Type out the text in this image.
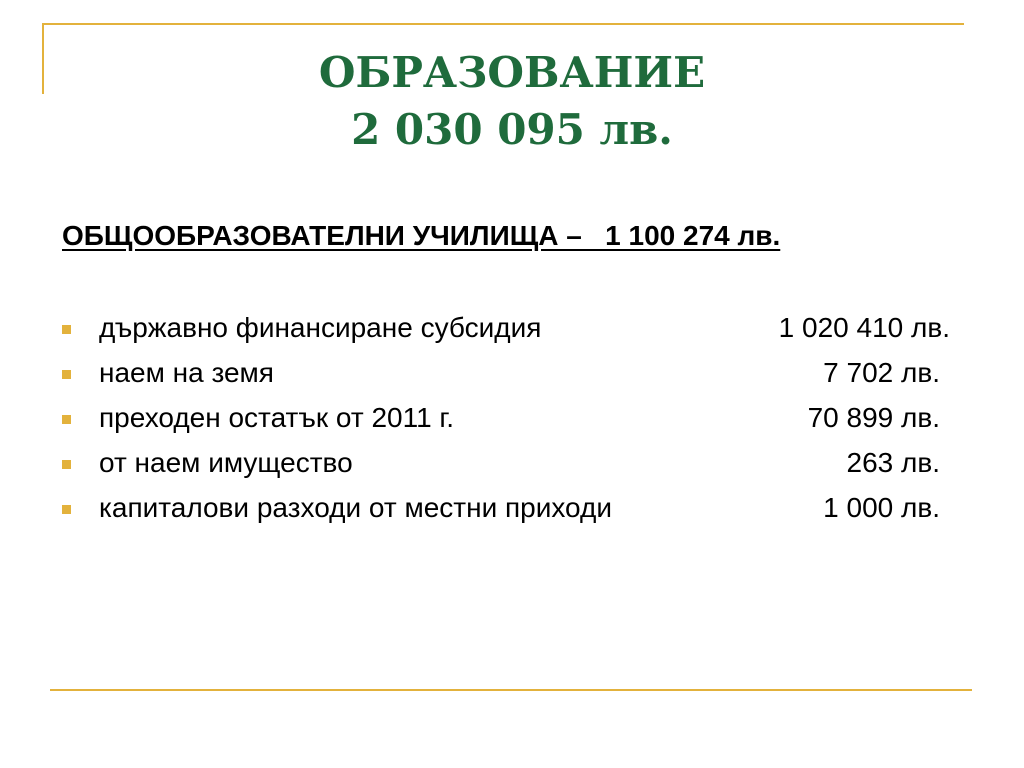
ОБРАЗОВАНИЕ
2 030 095 лв.
ОБЩООБРАЗОВАТЕЛНИ УЧИЛИЩА –   1 100 274 лв.
държавно финансиране субсидия	1 020 410 лв.
наем на земя	7 702 лв.
преходен остатък от 2011 г.	70 899 лв.
от наем имущество	263 лв.
капиталови разходи от местни приходи	1 000 лв.
